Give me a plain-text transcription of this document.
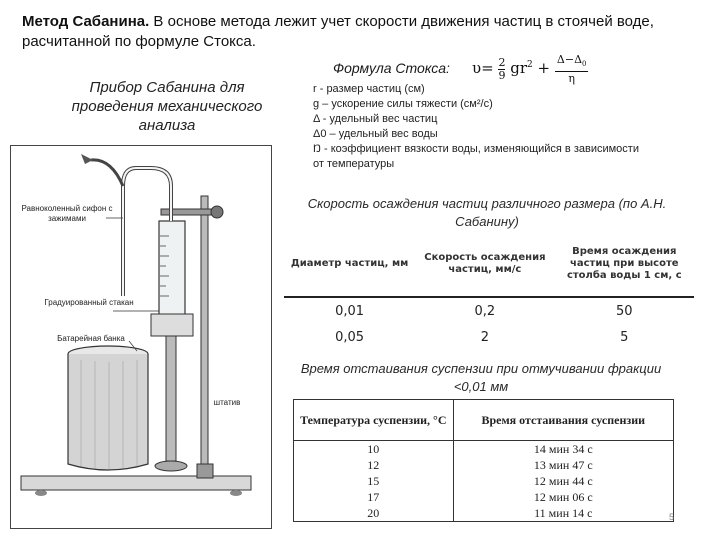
Метод Сабанина. В основе метода лежит учет скорости движения частиц в стоячей воде, расчитанной по формуле Стокса.
Прибор Сабанина для проведения механического анализа
Равноколенный сифон с зажимами
Градуированный стакан
Батарейная банка
штатив
Формула Стокса: $\upsilon= \frac{2}{9} gr^2 + \frac{\Delta-\Delta_0}{\eta}$
r - размер частиц (см)
g – ускорение силы тяжести (см²/с)
Δ - удельный вес частиц
Δ0 – удельный вес воды
Ŋ - коэффициент вязкости воды, изменяющийся в зависимости от температуры
Скорость осаждения частиц различного размера (по А.Н. Сабанину)
Диаметр частиц, мм	Скорость осаждения частиц, мм/с	Время осаждения частиц при высоте столба воды 1 см, с
0,01	0,2	50
0,05	2	5
Время отстаивания суспензии при отмучивании фракции <0,01 мм
Температура суспензии, °С	Время отстаивания суспензии
10	14 мин 34 с
12	13 мин 47 с
15	12 мин 44 с
17	12 мин 06 с
20	11 мин 14 с	5
